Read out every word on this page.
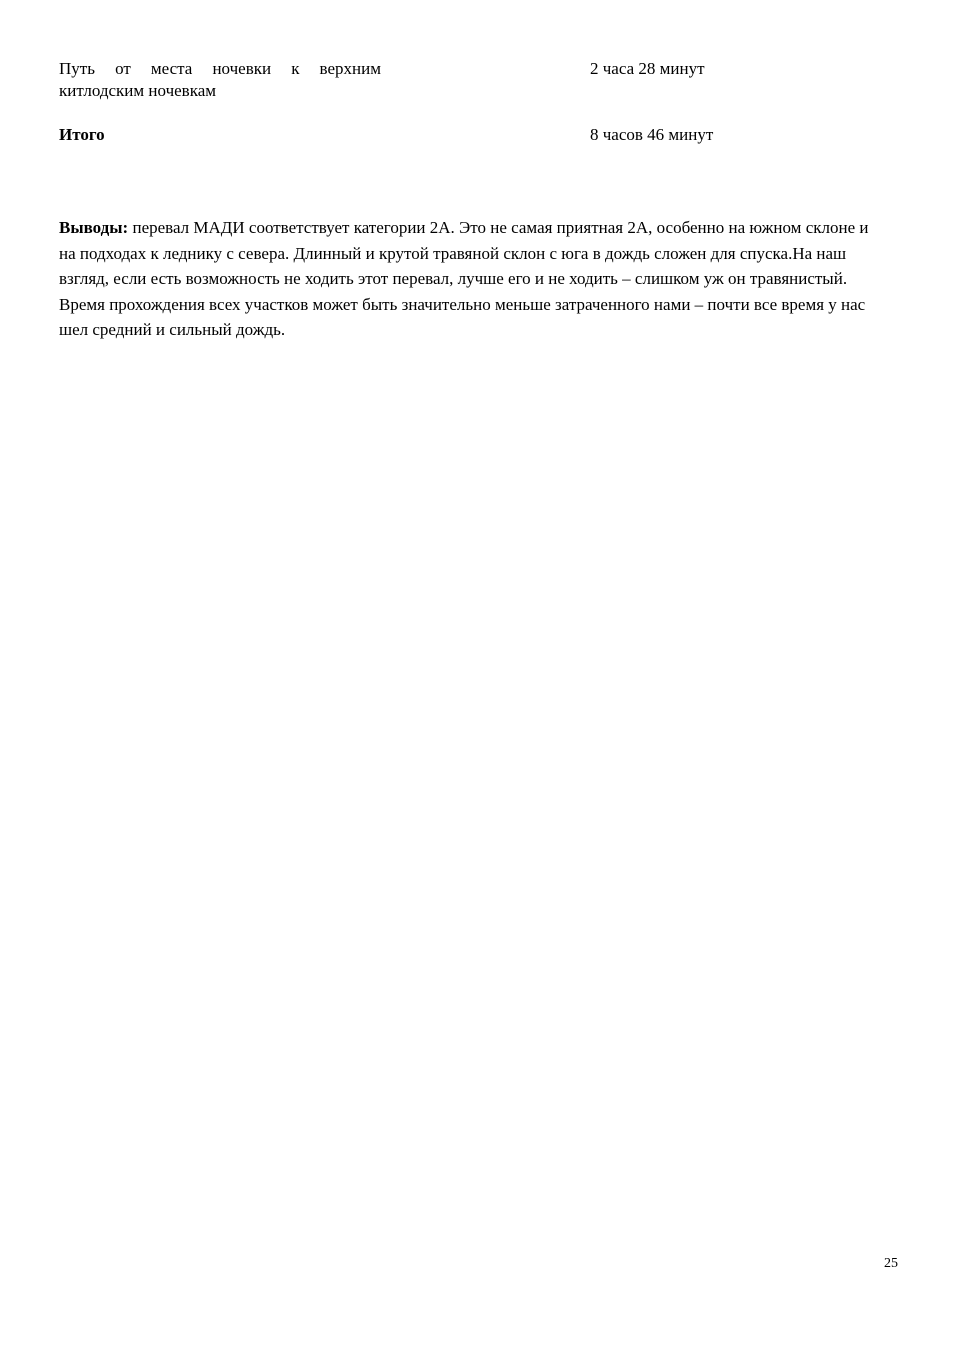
Путь от места ночевки к верхним китлодским ночевкам
2 часа 28 минут
Итого	8 часов 46 минут

Выводы: перевал МАДИ соответствует категории 2А. Это не самая приятная 2А, особенно на южном склоне и на подходах к леднику с севера. Длинный и крутой травяной склон с юга в дождь сложен для спуска.На наш взгляд, если есть возможность не ходить этот перевал, лучше его и не ходить – слишком уж он травянистый. Время прохождения всех участков может быть значительно меньше затраченного нами – почти все время у нас шел средний и сильный дождь.

25
